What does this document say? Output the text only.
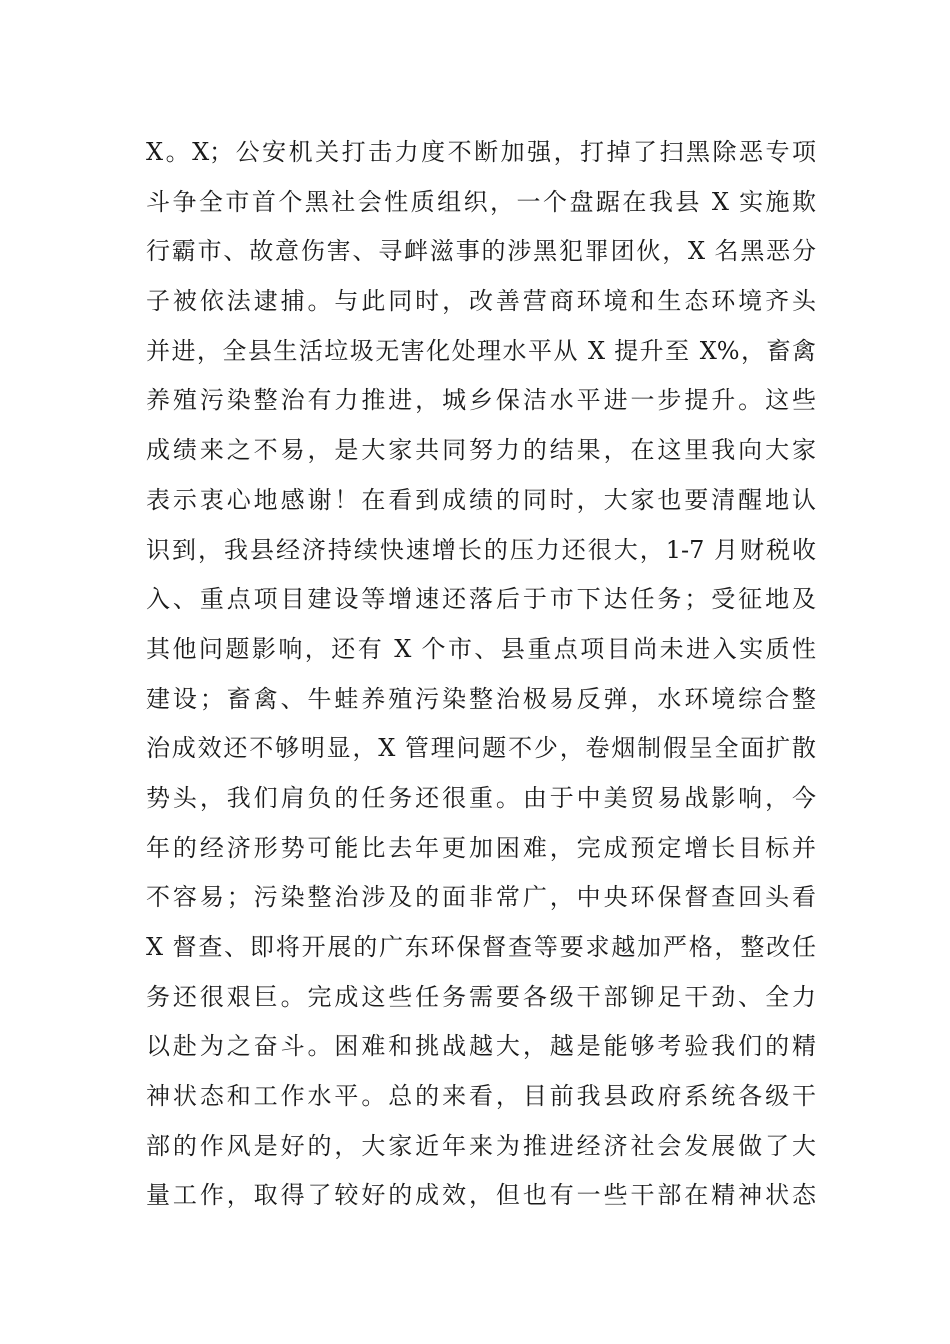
X。X；公安机关打击力度不断加强，打掉了扫黑除恶专项
斗争全市首个黑社会性质组织，一个盘踞在我县 X 实施欺
行霸市、故意伤害、寻衅滋事的涉黑犯罪团伙，X 名黑恶分
子被依法逮捕。与此同时，改善营商环境和生态环境齐头
并进，全县生活垃圾无害化处理水平从 X 提升至 X%，畜禽
养殖污染整治有力推进，城乡保洁水平进一步提升。这些
成绩来之不易，是大家共同努力的结果，在这里我向大家
表示衷心地感谢！在看到成绩的同时，大家也要清醒地认
识到，我县经济持续快速增长的压力还很大，1-7 月财税收
入、重点项目建设等增速还落后于市下达任务；受征地及
其他问题影响，还有 X 个市、县重点项目尚未进入实质性
建设；畜禽、牛蛙养殖污染整治极易反弹，水环境综合整
治成效还不够明显，X 管理问题不少，卷烟制假呈全面扩散
势头，我们肩负的任务还很重。由于中美贸易战影响，今
年的经济形势可能比去年更加困难，完成预定增长目标并
不容易；污染整治涉及的面非常广，中央环保督查回头看
X 督查、即将开展的广东环保督查等要求越加严格，整改任
务还很艰巨。完成这些任务需要各级干部铆足干劲、全力
以赴为之奋斗。困难和挑战越大，越是能够考验我们的精
神状态和工作水平。总的来看，目前我县政府系统各级干
部的作风是好的，大家近年来为推进经济社会发展做了大
量工作，取得了较好的成效，但也有一些干部在精神状态
